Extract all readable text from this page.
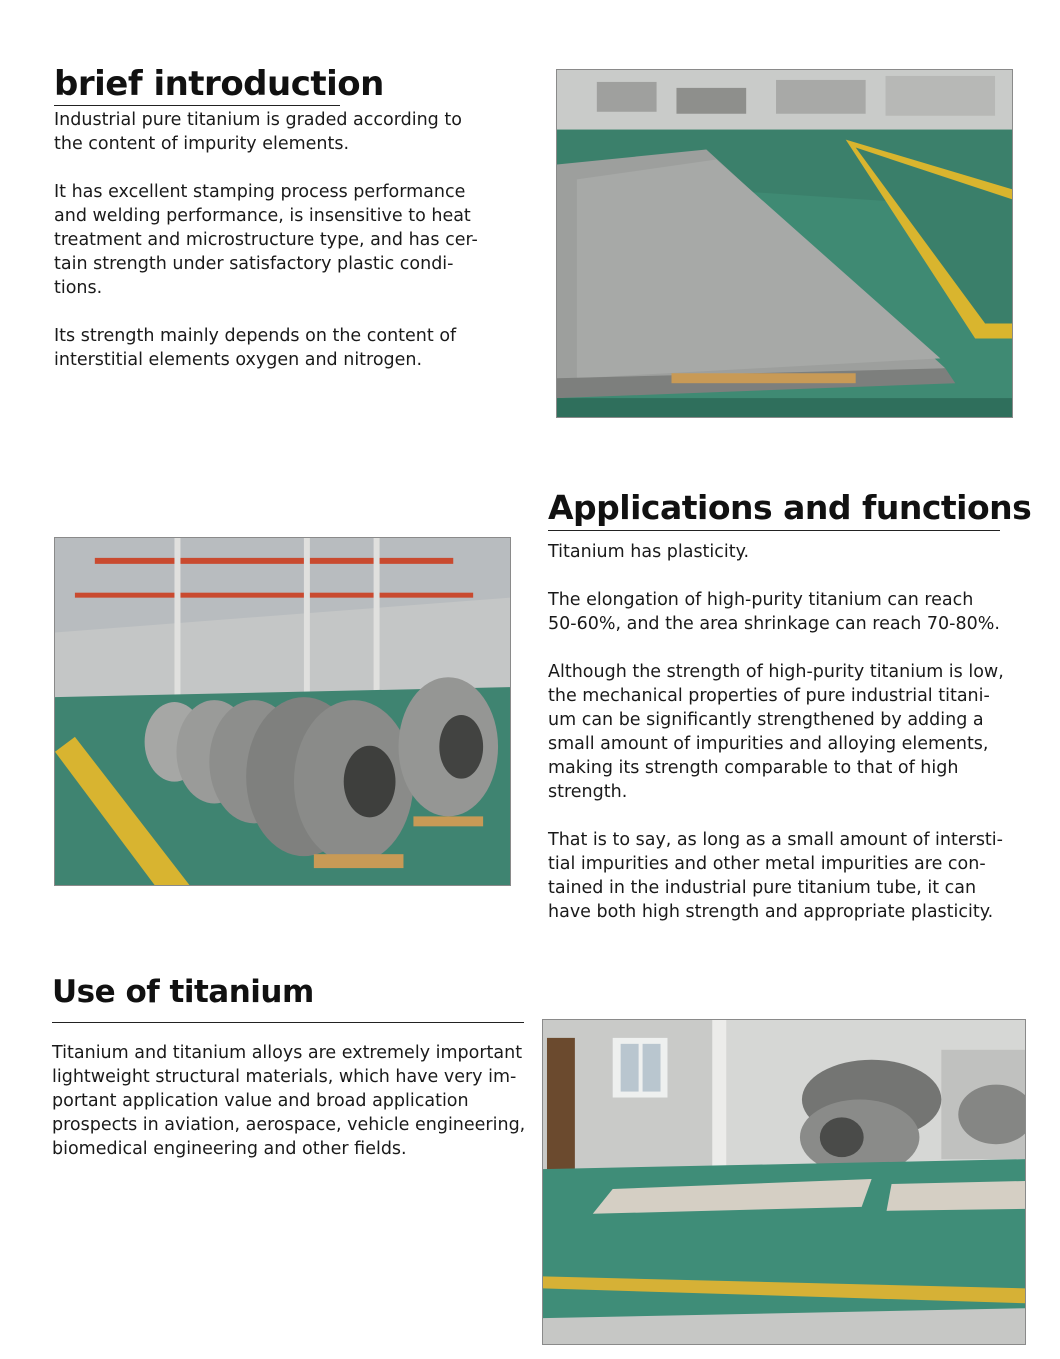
brief introduction

Industrial pure titanium is graded according to
the content of impurity elements.

It has excellent stamping process performance
and welding performance, is insensitive to heat
treatment and microstructure type, and has cer-
tain strength under satisfactory plastic condi-
tions.

Its strength mainly depends on the content of
interstitial elements oxygen and nitrogen.

Applications and functions

Titanium has plasticity.

The elongation of high-purity titanium can reach
50-60%, and the area shrinkage can reach 70-80%.

Although the strength of high-purity titanium is low,
the mechanical properties of pure industrial titani-
um can be significantly strengthened by adding a
small amount of impurities and alloying elements,
making its strength comparable to that of high
strength.

That is to say, as long as a small amount of intersti-
tial impurities and other metal impurities are con-
tained in the industrial pure titanium tube, it can
have both high strength and appropriate plasticity.

Use of titanium

Titanium and titanium alloys are extremely important
lightweight structural materials, which have very im-
portant application value and broad application
prospects in aviation, aerospace, vehicle engineering,
biomedical engineering and other fields.
